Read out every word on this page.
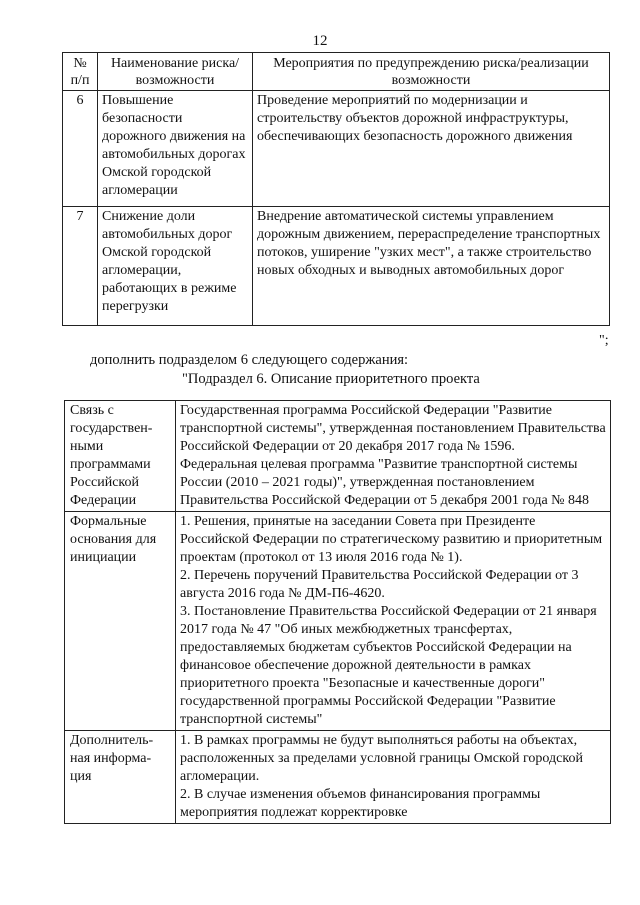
12
№ п/п	Наименование риска/возможности	Мероприятия по предупреждению риска/реализации возможности
6	Повышение безопасности дорожного движения на автомобильных дорогах Омской городской агломерации	Проведение мероприятий по модернизации и строительству объектов дорожной инфраструктуры, обеспечивающих безопасность дорожного движения
7	Снижение доли автомобильных дорог Омской городской агломерации, работающих в режиме перегрузки	Внедрение автоматической системы управлением дорожным движением, перераспределение транспортных потоков, уширение "узких мест", а также строительство новых обходных и выводных автомобильных дорог
";
дополнить подразделом 6 следующего содержания:
"Подраздел 6. Описание приоритетного проекта
Связь с государствен-ными программами Российской Федерации	Государственная программа Российской Федерации "Развитие транспортной системы", утвержденная постановлением Правительства Российской Федерации от 20 декабря 2017 года № 1596.
Федеральная целевая программа "Развитие транспортной системы России (2010 – 2021 годы)", утвержденная постановлением Правительства Российской Федерации от 5 декабря 2001 года № 848

Формальные основания для инициации	1. Решения, принятые на заседании Совета при Президенте Российской Федерации по стратегическому развитию и приоритетным проектам (протокол от 13 июля 2016 года № 1).
2. Перечень поручений Правительства Российской Федерации от 3 августа 2016 года № ДМ-П6-4620.
3. Постановление Правительства Российской Федерации от 21 января 2017 года № 47 "Об иных межбюджетных трансфертах, предоставляемых бюджетам субъектов Российской Федерации на финансовое обеспечение дорожной деятельности в рамках приоритетного проекта "Безопасные и качественные дороги" государственной программы Российской Федерации "Развитие транспортной системы"

Дополнитель-ная информа-ция	1. В рамках программы не будут выполняться работы на объектах, расположенных за пределами условной границы Омской городской агломерации.
2. В случае изменения объемов финансирования программы мероприятия подлежат корректировке
